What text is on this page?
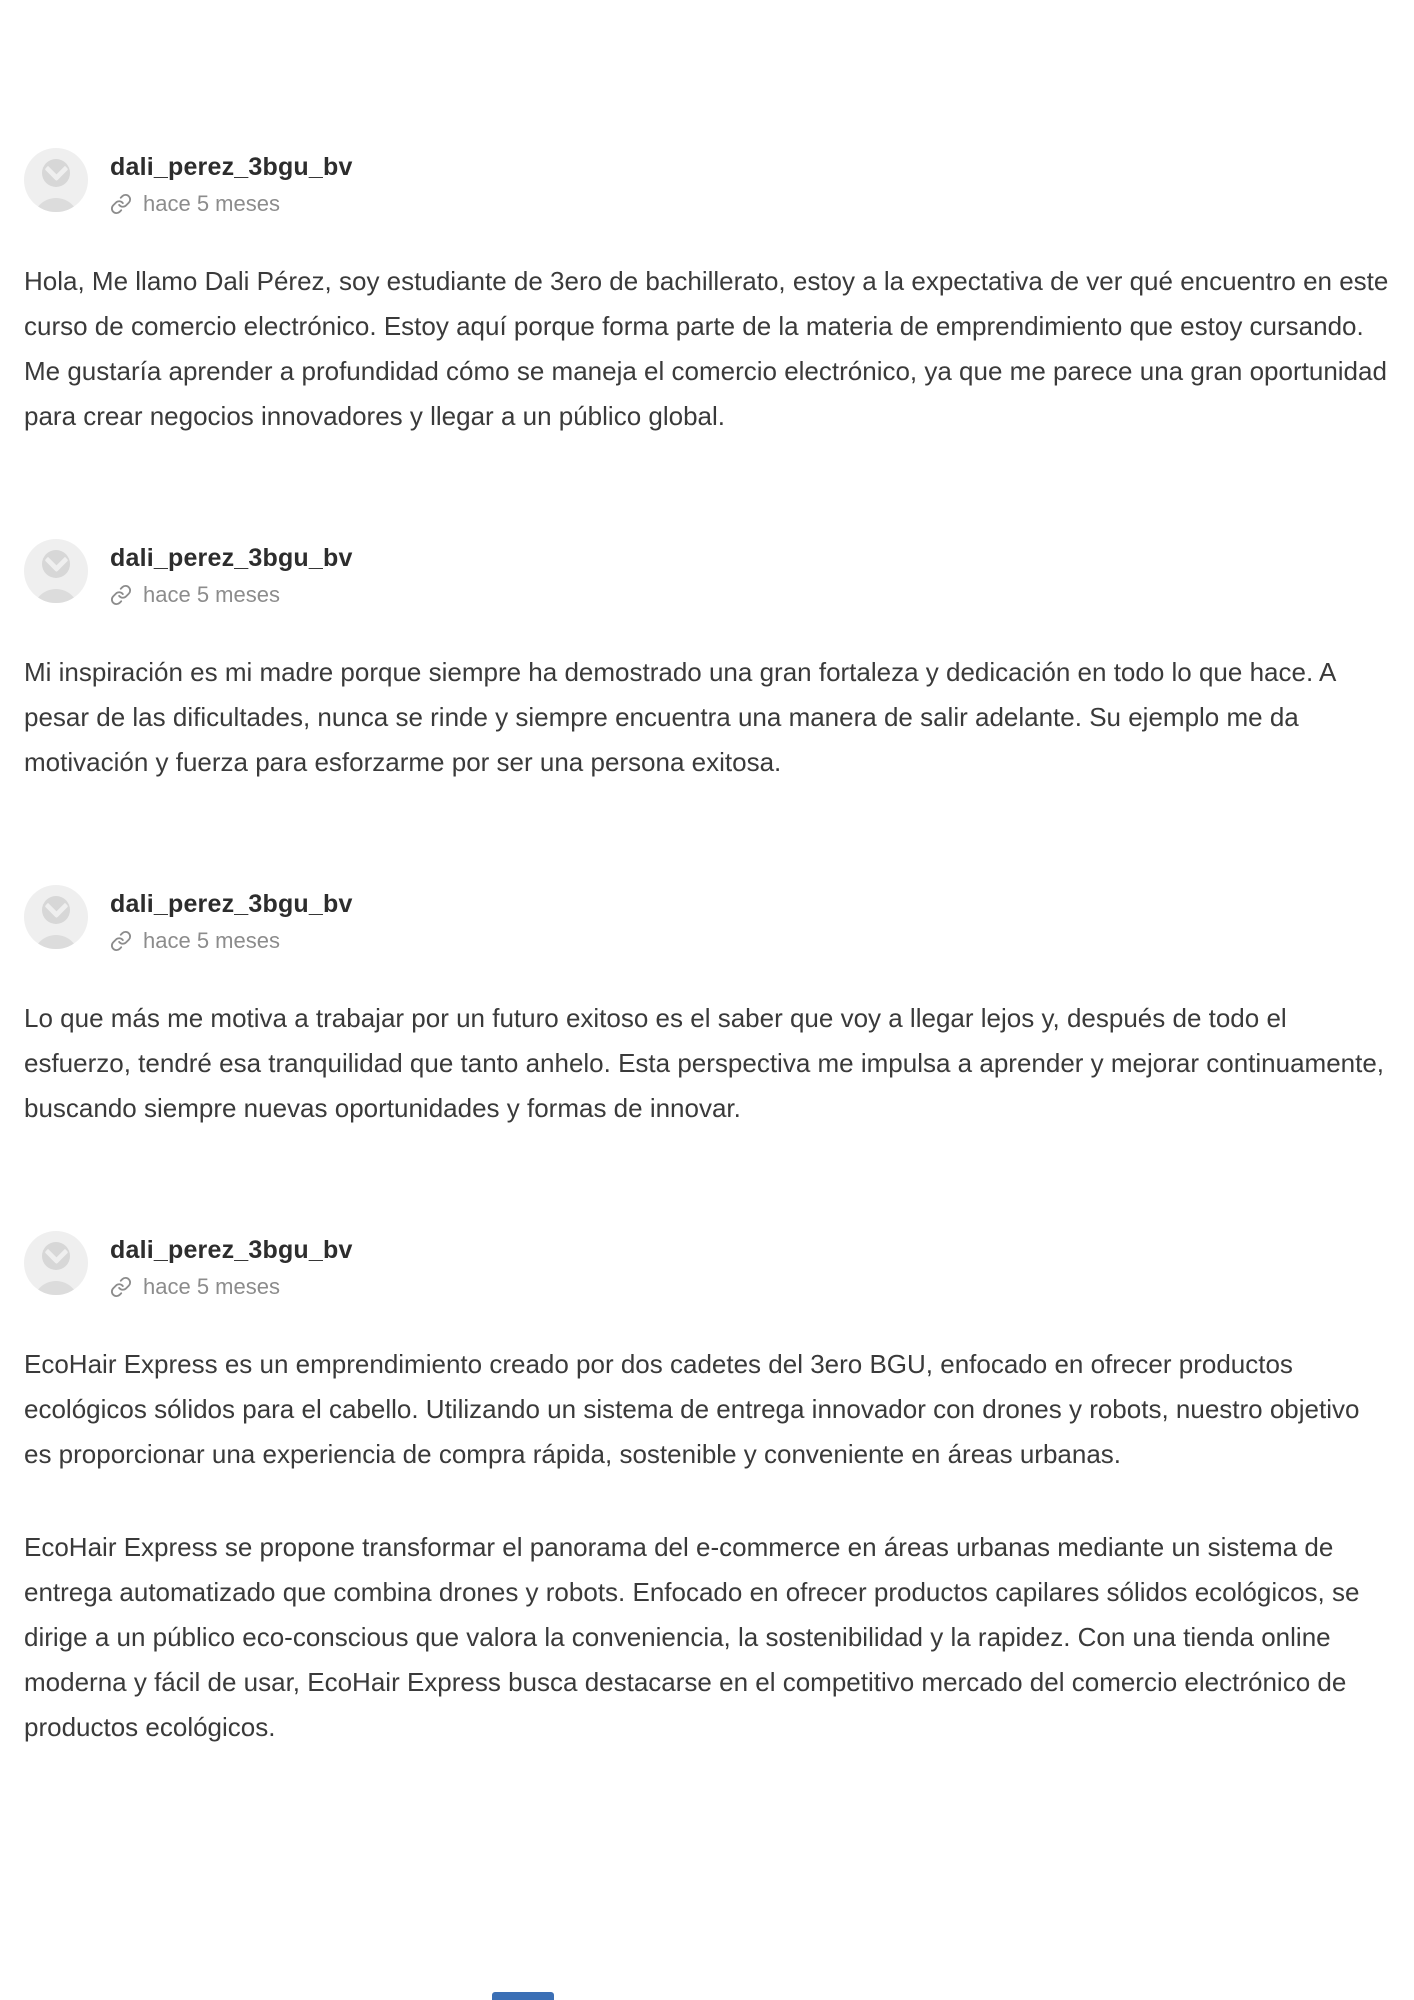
dali_perez_3bgu_bv
hace 5 meses

Hola, Me llamo Dali Pérez, soy estudiante de 3ero de bachillerato, estoy a la expectativa de ver qué encuentro en este curso de comercio electrónico. Estoy aquí porque forma parte de la materia de emprendimiento que estoy cursando. Me gustaría aprender a profundidad cómo se maneja el comercio electrónico, ya que me parece una gran oportunidad para crear negocios innovadores y llegar a un público global.

dali_perez_3bgu_bv
hace 5 meses

Mi inspiración es mi madre porque siempre ha demostrado una gran fortaleza y dedicación en todo lo que hace. A pesar de las dificultades, nunca se rinde y siempre encuentra una manera de salir adelante. Su ejemplo me da motivación y fuerza para esforzarme por ser una persona exitosa.

dali_perez_3bgu_bv
hace 5 meses

Lo que más me motiva a trabajar por un futuro exitoso es el saber que voy a llegar lejos y, después de todo el esfuerzo, tendré esa tranquilidad que tanto anhelo. Esta perspectiva me impulsa a aprender y mejorar continuamente, buscando siempre nuevas oportunidades y formas de innovar.

dali_perez_3bgu_bv
hace 5 meses

EcoHair Express es un emprendimiento creado por dos cadetes del 3ero BGU, enfocado en ofrecer productos ecológicos sólidos para el cabello. Utilizando un sistema de entrega innovador con drones y robots, nuestro objetivo es proporcionar una experiencia de compra rápida, sostenible y conveniente en áreas urbanas.

EcoHair Express se propone transformar el panorama del e-commerce en áreas urbanas mediante un sistema de entrega automatizado que combina drones y robots. Enfocado en ofrecer productos capilares sólidos ecológicos, se dirige a un público eco-conscious que valora la conveniencia, la sostenibilidad y la rapidez. Con una tienda online moderna y fácil de usar, EcoHair Express busca destacarse en el competitivo mercado del comercio electrónico de productos ecológicos.
